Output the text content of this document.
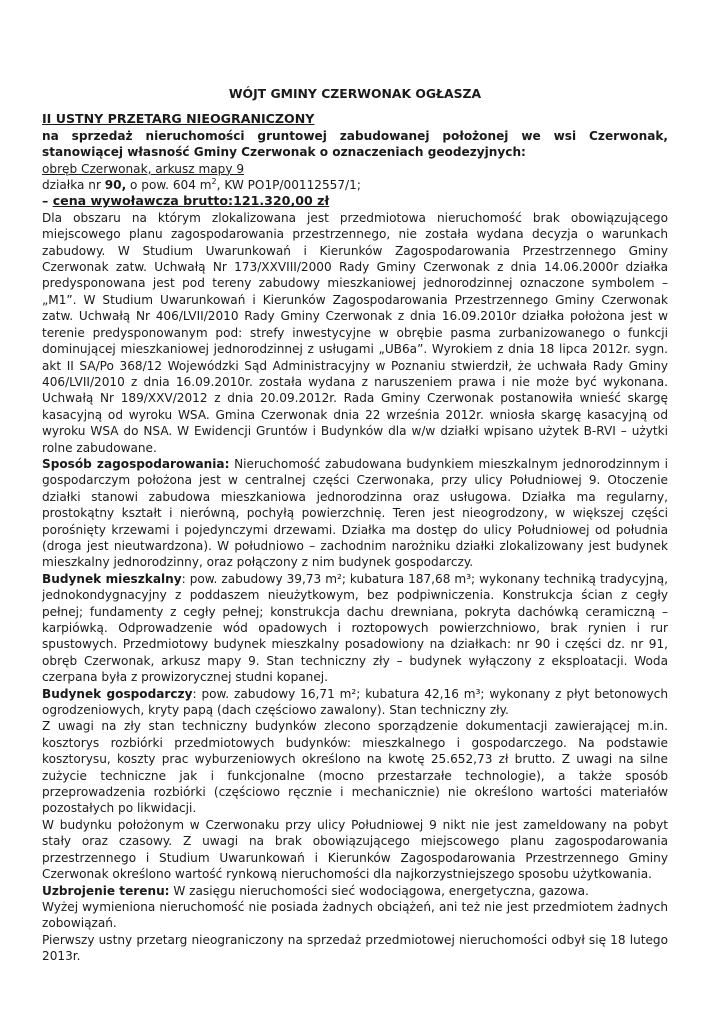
WÓJT GMINY CZERWONAK OGŁASZA
II USTNY PRZETARG NIEOGRANICZONY
na sprzedaż nieruchomości gruntowej zabudowanej położonej we wsi Czerwonak, stanowiącej własność Gminy Czerwonak o oznaczeniach geodezyjnych:
obręb Czerwonak, arkusz mapy 9
działka nr 90, o pow. 604 $m^2$, KW PO1P/00112557/1;
– cena wywoławcza brutto:121.320,00 zł

Dla obszaru na którym zlokalizowana jest przedmiotowa nieruchomość brak obowiązującego miejscowego planu zagospodarowania przestrzennego, nie została wydana decyzja o warunkach zabudowy. W Studium Uwarunkowań i Kierunków Zagospodarowania Przestrzennego Gminy Czerwonak zatw. Uchwałą Nr 173/XXVIII/2000 Rady Gminy Czerwonak z dnia 14.06.2000r działka predysponowana jest pod tereny zabudowy mieszkaniowej jednorodzinnej oznaczone symbolem – „M1”. W Studium Uwarunkowań i Kierunków Zagospodarowania Przestrzennego Gminy Czerwonak zatw. Uchwałą Nr 406/LVII/2010 Rady Gminy Czerwonak z dnia 16.09.2010r działka położona jest w terenie predysponowanym pod: strefy inwestycyjne w obrębie pasma zurbanizowanego o funkcji dominującej mieszkaniowej jednorodzinnej z usługami „UB6a”. Wyrokiem z dnia 18 lipca 2012r. sygn. akt II SA/Po 368/12 Wojewódzki Sąd Administracyjny w Poznaniu stwierdził, że uchwała Rady Gminy 406/LVII/2010 z dnia 16.09.2010r. została wydana z naruszeniem prawa i nie może być wykonana. Uchwałą Nr 189/XXV/2012 z dnia 20.09.2012r. Rada Gminy Czerwonak postanowiła wnieść skargę kasacyjną od wyroku WSA. Gmina Czerwonak dnia 22 września 2012r. wniosła skargę kasacyjną od wyroku WSA do NSA. W Ewidencji Gruntów i Budynków dla w/w działki wpisano użytek B-RVI – użytki rolne zabudowane.

Sposób zagospodarowania: Nieruchomość zabudowana budynkiem mieszkalnym jednorodzinnym i gospodarczym położona jest w centralnej części Czerwonaka, przy ulicy Południowej 9. Otoczenie działki stanowi zabudowa mieszkaniowa jednorodzinna oraz usługowa. Działka ma regularny, prostokątny kształt i nierówną, pochyłą powierzchnię. Teren jest nieogrodzony, w większej części porośnięty krzewami i pojedynczymi drzewami. Działka ma dostęp do ulicy Południowej od południa (droga jest nieutwardzona). W południowo – zachodnim narożniku działki zlokalizowany jest budynek mieszkalny jednorodzinny, oraz połączony z nim budynek gospodarczy.

Budynek mieszkalny: pow. zabudowy 39,73 m²; kubatura 187,68 m³; wykonany techniką tradycyjną, jednokondygnacyjny z poddaszem nieużytkowym, bez podpiwniczenia. Konstrukcja ścian z cegły pełnej; fundamenty z cegły pełnej; konstrukcja dachu drewniana, pokryta dachówką ceramiczną – karpiówką. Odprowadzenie wód opadowych i roztopowych powierzchniowo, brak rynien i rur spustowych. Przedmiotowy budynek mieszkalny posadowiony na działkach: nr 90 i części dz. nr 91, obręb Czerwonak, arkusz mapy 9. Stan techniczny zły – budynek wyłączony z eksploatacji. Woda czerpana była z prowizorycznej studni kopanej.

Budynek gospodarczy: pow. zabudowy 16,71 m²; kubatura 42,16 m³; wykonany z płyt betonowych ogrodzeniowych, kryty papą (dach częściowo zawalony). Stan techniczny zły.

Z uwagi na zły stan techniczny budynków zlecono sporządzenie dokumentacji zawierającej m.in. kosztorys rozbiórki przedmiotowych budynków: mieszkalnego i gospodarczego. Na podstawie kosztorysu, koszty prac wyburzeniowych określono na kwotę 25.652,73 zł brutto. Z uwagi na silne zużycie techniczne jak i funkcjonalne (mocno przestarzałe technologie), a także sposób przeprowadzenia rozbiórki (częściowo ręcznie i mechanicznie) nie określono wartości materiałów pozostałych po likwidacji.

W budynku położonym w Czerwonaku przy ulicy Południowej 9 nikt nie jest zameldowany na pobyt stały oraz czasowy. Z uwagi na brak obowiązującego miejscowego planu zagospodarowania przestrzennego i Studium Uwarunkowań i Kierunków Zagospodarowania Przestrzennego Gminy Czerwonak określono wartość rynkową nieruchomości dla najkorzystniejszego sposobu użytkowania.

Uzbrojenie terenu: W zasięgu nieruchomości sieć wodociągowa, energetyczna, gazowa.

Wyżej wymieniona nieruchomość nie posiada żadnych obciążeń, ani też nie jest przedmiotem żadnych zobowiązań.

Pierwszy ustny przetarg nieograniczony na sprzedaż przedmiotowej nieruchomości odbył się 18 lutego 2013r.
